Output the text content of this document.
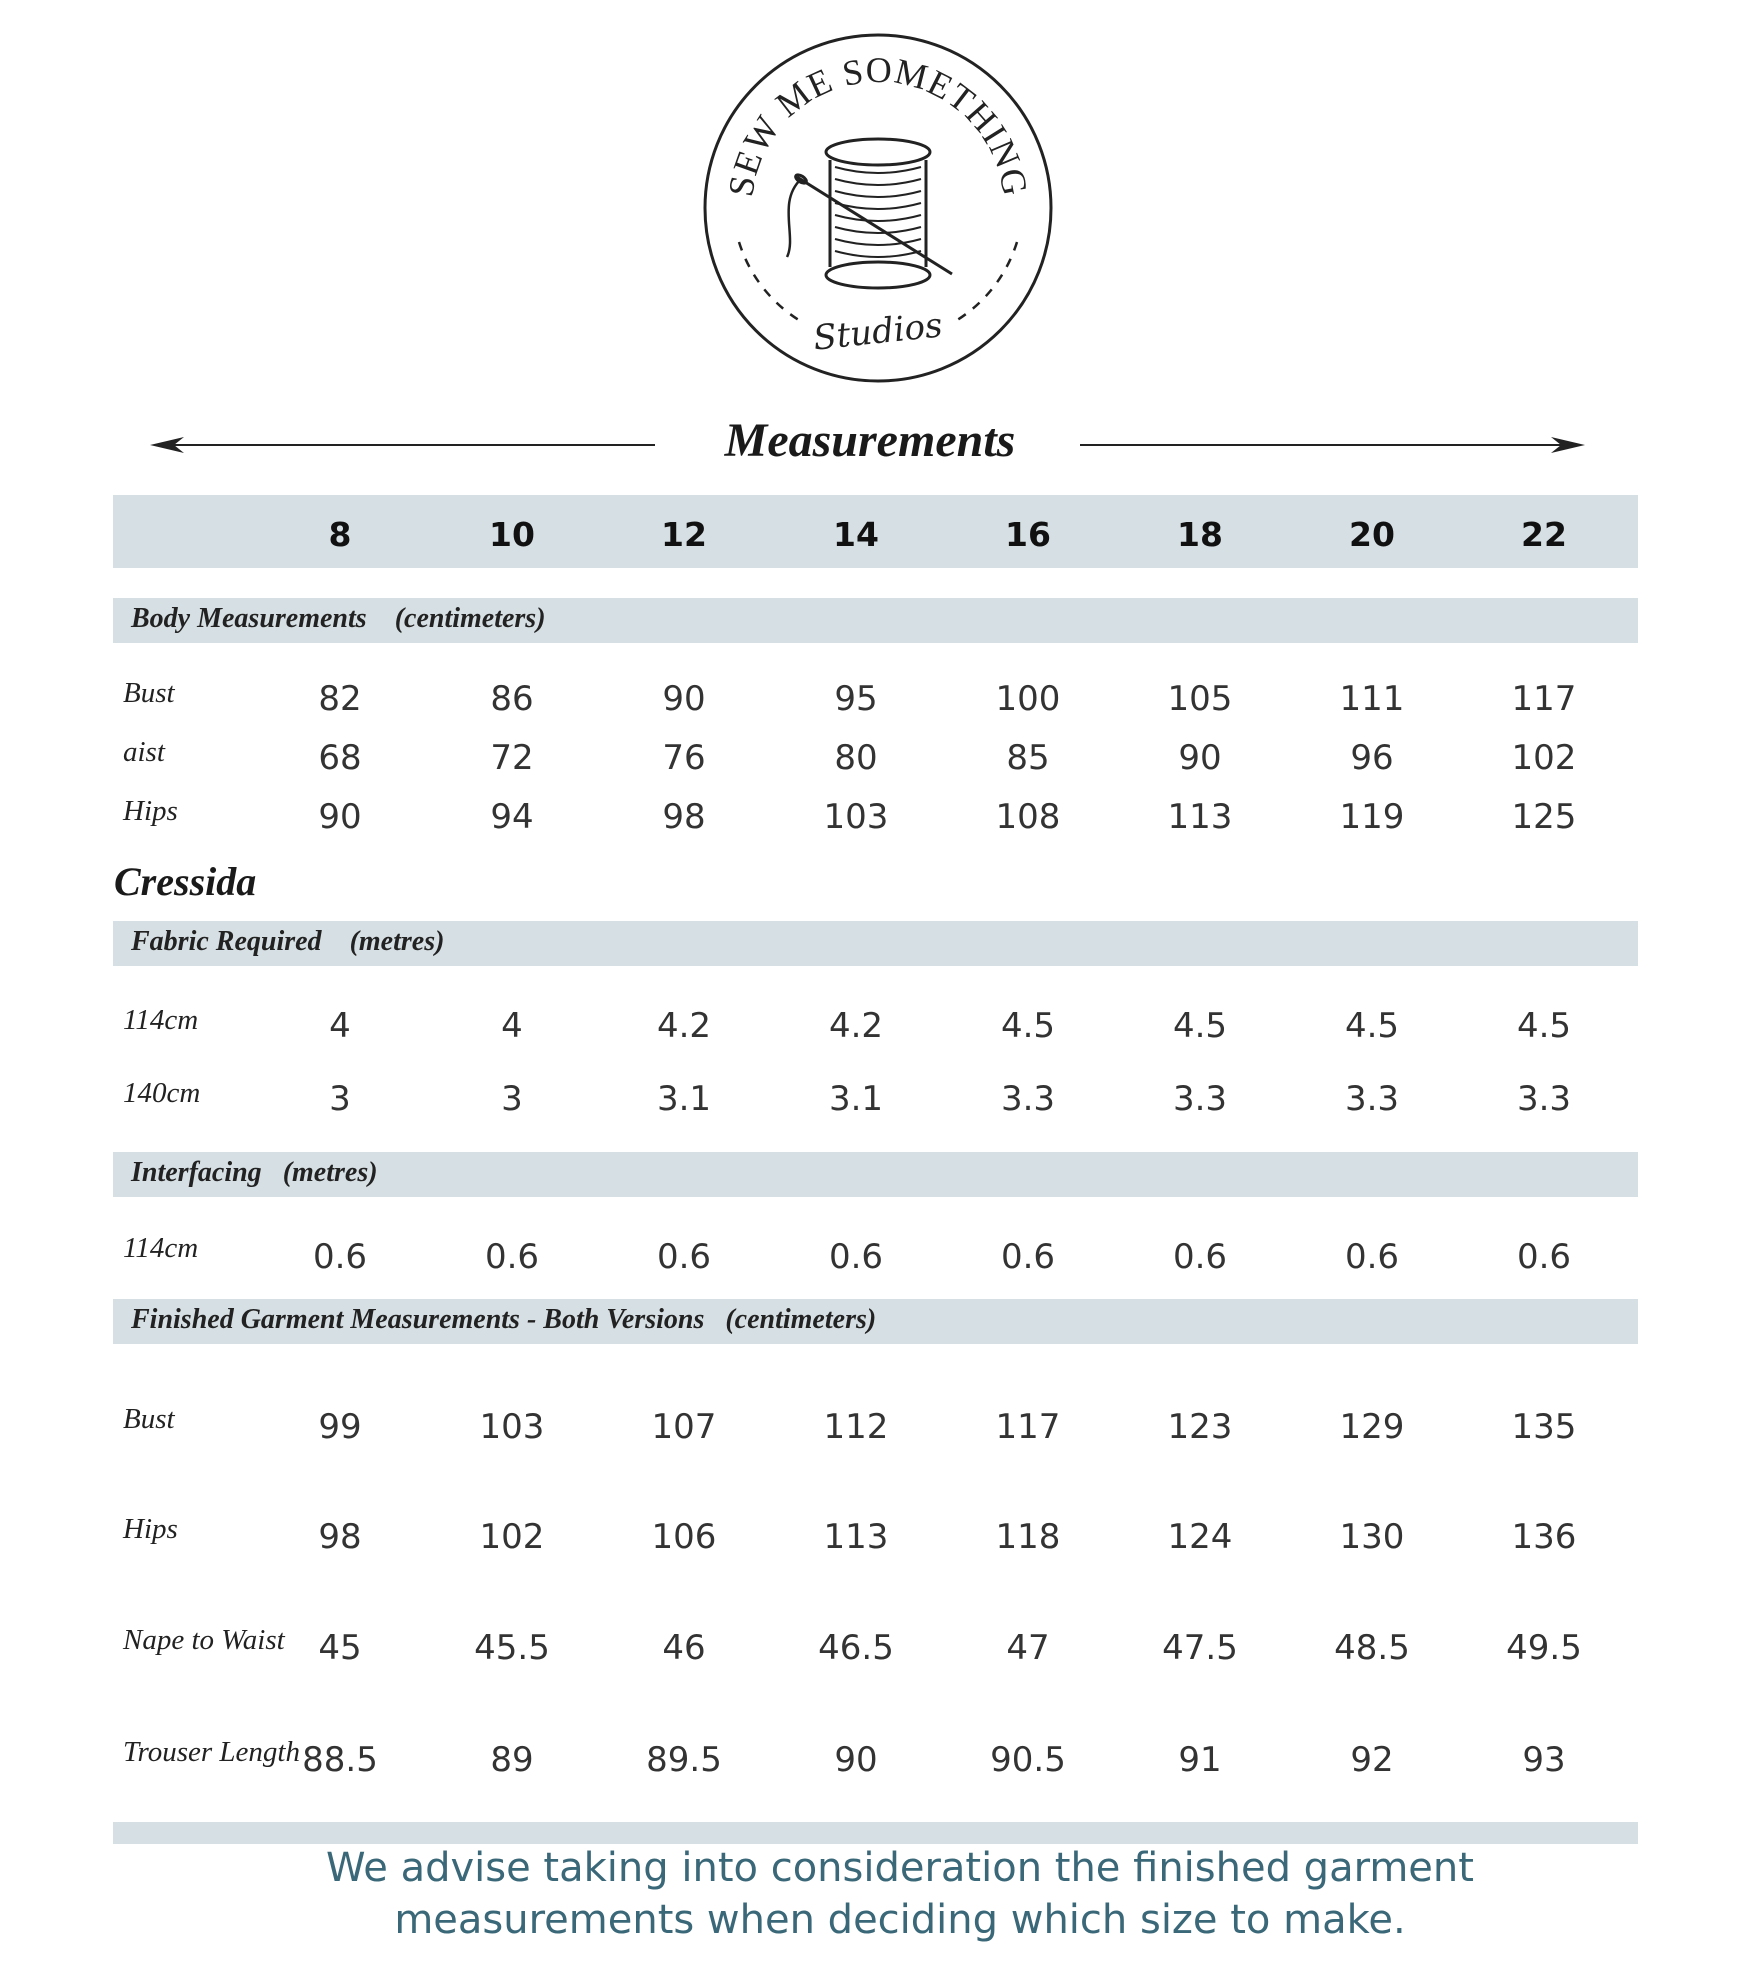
SEW ME SOMETHING
Studios
Measurements
8	10	12	14	16	18	20	22
Body Measurements (centimeters)
Bust	82	86	90	95	100	105	111	117
aist	68	72	76	80	85	90	96	102
Hips	90	94	98	103	108	113	119	125
Cressida
Fabric Required (metres)
114cm	4	4	4.2	4.2	4.5	4.5	4.5	4.5
140cm	3	3	3.1	3.1	3.3	3.3	3.3	3.3
Interfacing (metres)
114cm	0.6	0.6	0.6	0.6	0.6	0.6	0.6	0.6
Finished Garment Measurements - Both Versions (centimeters)
Bust	99	103	107	112	117	123	129	135
Hips	98	102	106	113	118	124	130	136
Nape to Waist 45	45.5	46	46.5	47	47.5	48.5	49.5
Trouser Length 88.5	89	89.5	90	90.5	91	92	93
We advise taking into consideration the finished garment
measurements when deciding which size to make.
